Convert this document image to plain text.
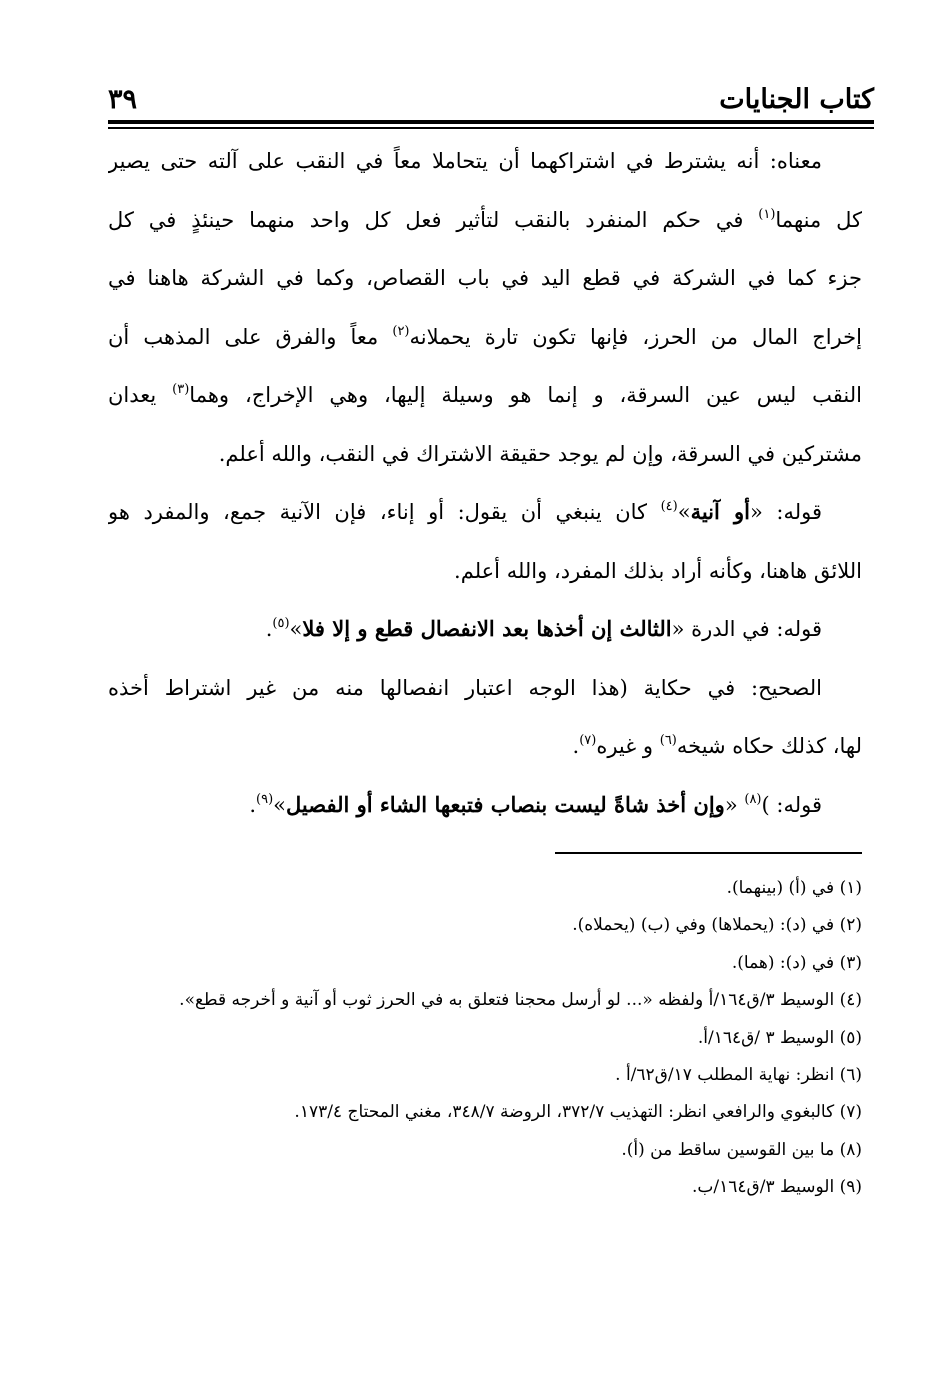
كتاب الجنايات
٣٩
معناه: أنه يشترط في اشتراكهما أن يتحاملا معاً في النقب على آلته حتى يصير
كل منهما$^{(١)}$ في حكم المنفرد بالنقب لتأثير فعل كل واحد منهما حينئذٍ في كل
جزء كما في الشركة في قطع اليد في باب القصاص، وكما في الشركة هاهنا في
إخراج المال من الحرز، فإنها تكون تارة يحملانه$^{(٢)}$ معاً والفرق على المذهب أن
النقب ليس عين السرقة، و إنما هو وسيلة إليها، وهي الإخراج، وهما$^{(٣)}$ يعدان
مشتركين في السرقة، وإن لم يوجد حقيقة الاشتراك في النقب، والله أعلم.
قوله: «أو آنية»$^{(٤)}$ كان ينبغي أن يقول: أو إناء، فإن الآنية جمع، والمفرد هو
اللائق هاهنا، وكأنه أراد بذلك المفرد، والله أعلم.
قوله: في الدرة «الثالث إن أخذها بعد الانفصال قطع و إلا فلا»$^{(٥)}$.
الصحيح: في حكاية (هذا الوجه اعتبار انفصالها منه من غير اشتراط أخذه
لها، كذلك حكاه شيخه$^{(٦)}$ و غيره$^{(٧)}$.
قوله: )$^{(٨)}$ «وإن أخذ شاةً ليست بنصاب فتبعها الشاء أو الفصيل»$^{(٩)}$.
(١) في (أ) (بينهما).
(٢) في (د): (يحملاها) وفي (ب) (يحملاه).
(٣) في (د): (هما).
(٤) الوسيط ٣/ق١٦٤/أ ولفظه «... لو أرسل محجنا فتعلق به في الحرز ثوب أو آنية و أخرجه قطع».
(٥) الوسيط ٣ /ق١٦٤/أ.
(٦) انظر: نهاية المطلب ١٧/ق٦٢/أ .
(٧) كالبغوي والرافعي انظر: التهذيب ٣٧٢/٧، الروضة ٣٤٨/٧، مغني المحتاج ١٧٣/٤.
(٨) ما بين القوسين ساقط من (أ).
(٩) الوسيط ٣/ق١٦٤/ب.
